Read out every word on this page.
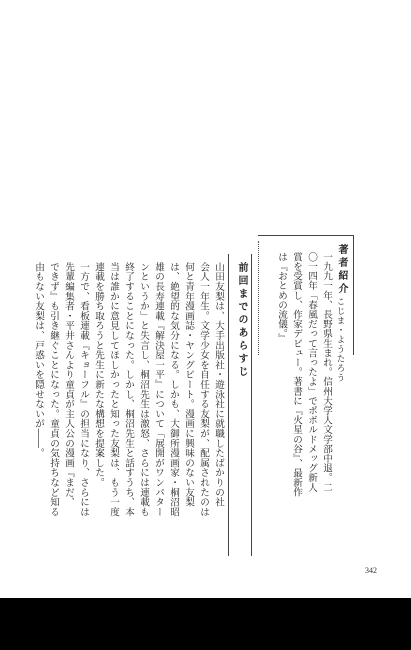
著者紹介
こじま・ようたろう
一九九一年、長野県生まれ。信州大学人文学部中退。二
〇一四年「春風だって言ったよ」でポボルドメッグ新人
賞を受賞し、作家デビュー。著書に『火星の谷』、最新作
は『おとめの流儀。』
前回までのあらすじ
山田友梨は、大手出版社・遊泳社に就職したばかりの社
会人一年生。文学少女を自任する友梨が、配属されたのは
何と青年漫画誌・ヤングビート。漫画に興味のない友梨
は、絶望的な気分になる。しかも、大御所漫画家・桐沼昭
雄の長寿連載『解決屋一平』について「展開がワンパター
ンというか」と失言し、桐沼先生は激怒、さらには連載も
終了することになった。しかし、桐沼先生と話すうち、本
当は誰かに意見してほしかったと知った友梨は、もう一度
連載を勝ち取ろうと先生に新たな構想を提案した。
一方で、看板連載『キョーフル』の担当になり、さらには
先輩編集者・平井さんより童貞が主人公の漫画『まだ、
できず』も引き継ぐことになった。童貞の気持ちなど知る
由もない友梨は、戸惑いを隠せないが――。
342
